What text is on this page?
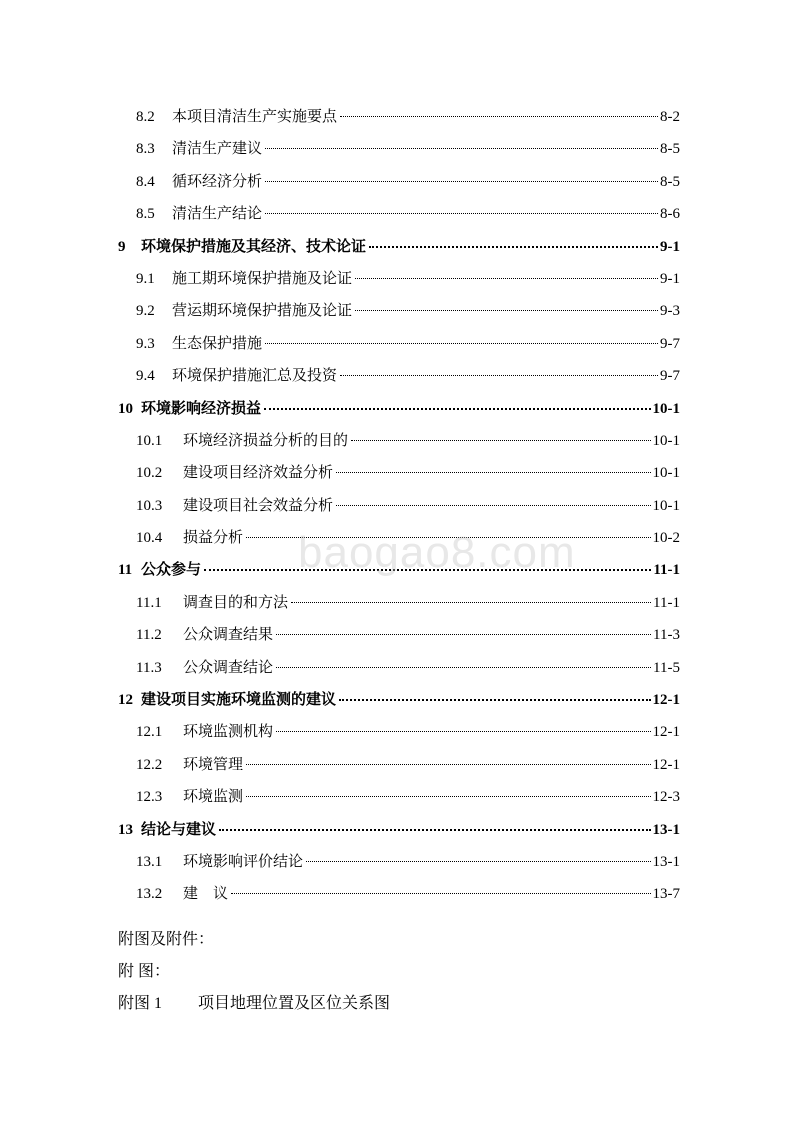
8.2	本项目清洁生产实施要点	8-2
8.3	清洁生产建议	8-5
8.4	循环经济分析	8-5
8.5	清洁生产结论	8-6
9	环境保护措施及其经济、技术论证	9-1
9.1	施工期环境保护措施及论证	9-1
9.2	营运期环境保护措施及论证	9-3
9.3	生态保护措施	9-7
9.4	环境保护措施汇总及投资	9-7
10 环境影响经济损益	10-1
10.1	环境经济损益分析的目的	10-1
10.2	建设项目经济效益分析	10-1
10.3	建设项目社会效益分析	10-1
10.4	损益分析	10-2
11 公众参与	11-1
11.1	调查目的和方法	11-1
11.2	公众调查结果	11-3
11.3	公众调查结论	11-5
12 建设项目实施环境监测的建议	12-1
12.1	环境监测机构	12-1
12.2	环境管理	12-1
12.3	环境监测	12-3
13 结论与建议	13-1
13.1	环境影响评价结论	13-1
13.2	建　议	13-7
baogao8.com
附图及附件：
附 图：
附图 1 项目地理位置及区位关系图
